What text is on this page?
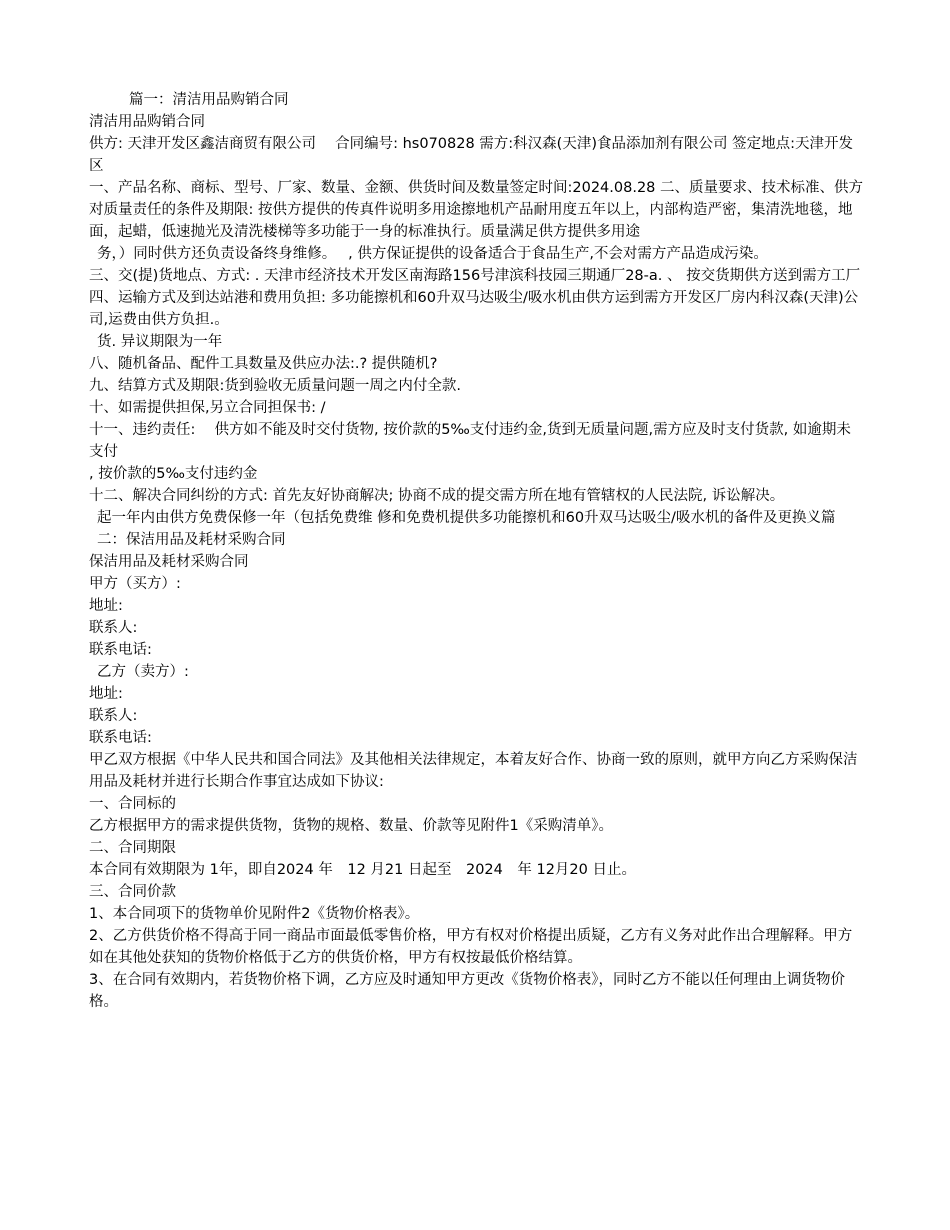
篇一：清洁用品购销合同

清洁用品购销合同

供方: 天津开发区鑫洁商贸有限公司　 合同编号: hs070828 需方:科汉森(天津)食品添加剂有限公司 签定地点:天津开发区

一、产品名称、商标、型号、厂家、数量、金额、供货时间及数量签定时间:2024.08.28 二、质量要求、技术标准、供方对质量责任的条件及期限: 按供方提供的传真件说明多用途擦地机产品耐用度五年以上，内部构造严密，集清洗地毯，地面，起蜡，低速抛光及清洗楼梯等多功能于一身的标准执行。质量满足供方提供多用途

务，）同时供方还负责设备终身维修。　 , 供方保证提供的设备适合于食品生产,不会对需方产品造成污染。

三、交(提)货地点、方式: . 天津市经济技术开发区南海路156号津滨科技园三期通厂28-a. 、 按交货期供方送到需方工厂

四、运输方式及到达站港和费用负担: 多功能擦机和60升双马达吸尘/吸水机由供方运到需方开发区厂房内科汉森(天津)公

司,运费由供方负担.。

货. 异议期限为一年

八、随机备品、配件工具数量及供应办法:.? 提供随机?

九、结算方式及期限:货到验收无质量问题一周之内付全款.

十、如需提供担保,另立合同担保书: /

十一、违约责任:　 供方如不能及时交付货物, 按价款的5‰支付违约金,货到无质量问题,需方应及时支付货款, 如逾期未支付

, 按价款的5‰支付违约金

十二、解决合同纠纷的方式: 首先友好协商解决; 协商不成的提交需方所在地有管辖权的人民法院, 诉讼解决。

起一年内由供方免费保修一年（包括免费维 修和免费机提供多功能擦机和60升双马达吸尘/吸水机的备件及更换义篇二：保洁用品及耗材采购合同

保洁用品及耗材采购合同

甲方（买方）:

地址:

联系人:

联系电话:

乙方（卖方）:

地址:

联系人:

联系电话:

甲乙双方根据《中华人民共和国合同法》及其他相关法律规定，本着友好合作、协商一致的原则，就甲方向乙方采购保洁用品及耗材并进行长期合作事宜达成如下协议:

一、合同标的

乙方根据甲方的需求提供货物，货物的规格、数量、价款等见附件1《采购清单》。

二、合同期限

本合同有效期限为 1年，即自2024 年　12 月21 日起至　2024　年 12月20 日止。

三、合同价款

1、本合同项下的货物单价见附件2《货物价格表》。

2、乙方供货价格不得高于同一商品市面最低零售价格，甲方有权对价格提出质疑，乙方有义务对此作出合理解释。甲方如在其他处获知的货物价格低于乙方的供货价格，甲方有权按最低价格结算。

3、在合同有效期内，若货物价格下调，乙方应及时通知甲方更改《货物价格表》，同时乙方不能以任何理由上调货物价格。
